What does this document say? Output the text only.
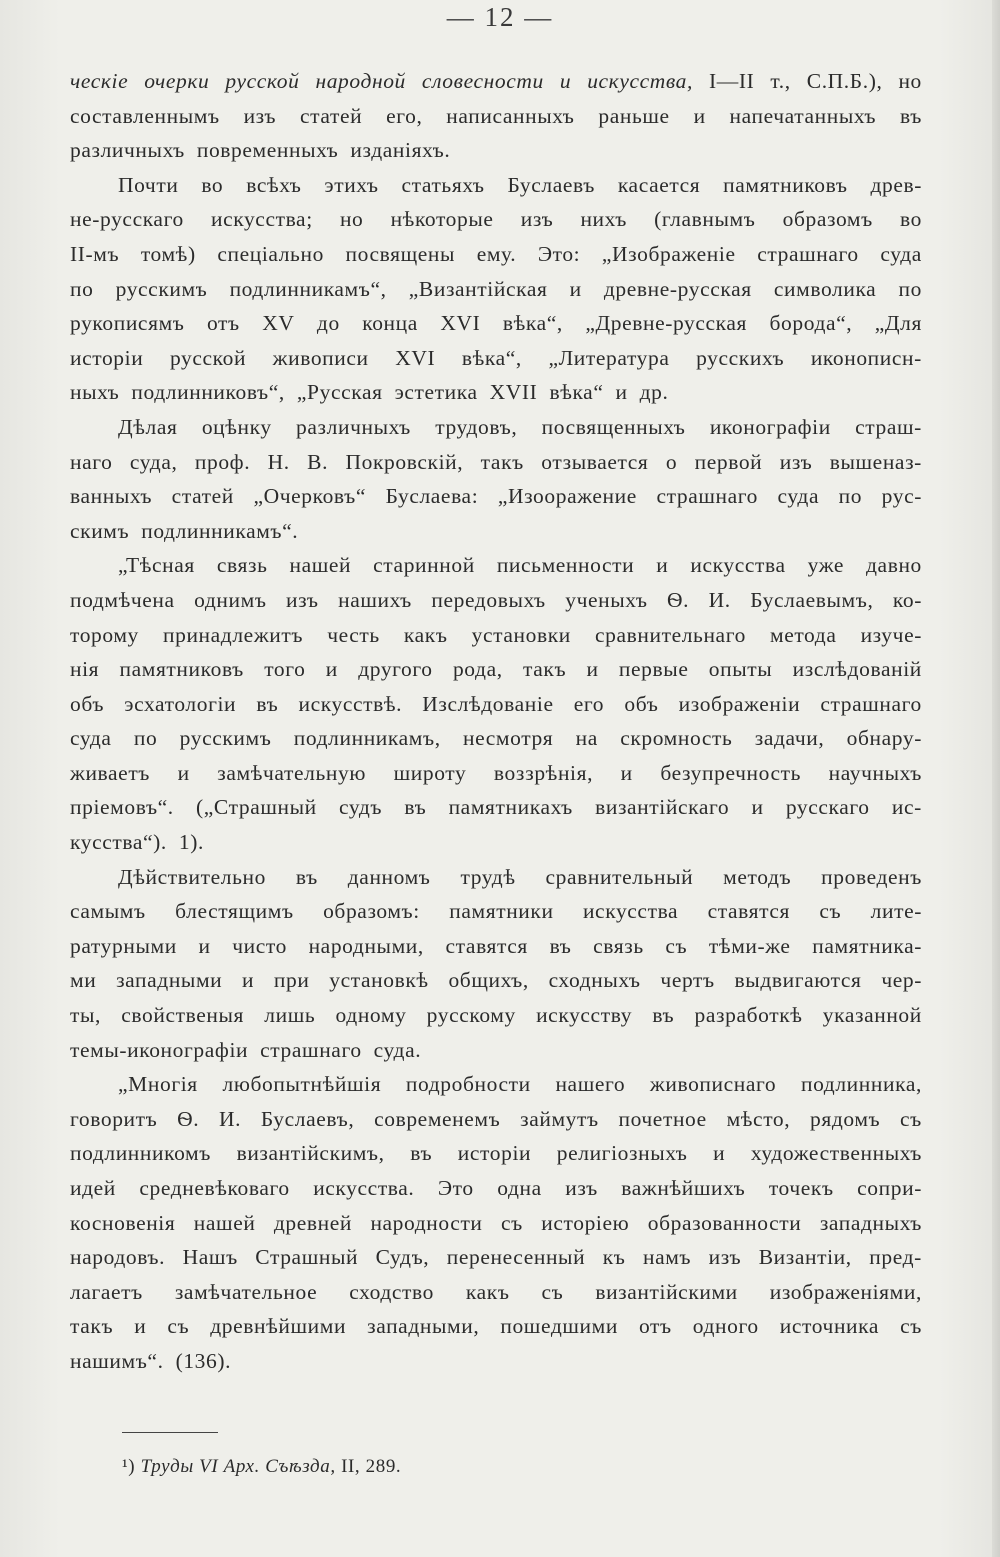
— 12 —
ческіе очерки русской народной словесности и искусства, I—II т., С.П.Б.), но
составленнымъ изъ статей его, написанныхъ раньше и напечатанныхъ въ
различныхъ повременныхъ изданіяхъ.
Почти во всѣхъ этихъ статьяхъ Буслаевъ касается памятниковъ древ-
не-русскаго искусства; но нѣкоторые изъ нихъ (главнымъ образомъ во
II-мъ томѣ) спеціально посвящены ему. Это: „Изображеніе страшнаго суда
по русскимъ подлинникамъ“, „Византійская и древне-русская символика по
рукописямъ отъ XV до конца XVI вѣка“, „Древне-русская борода“, „Для
исторіи русской живописи XVI вѣка“, „Литература русскихъ иконописн-
ныхъ подлинниковъ“, „Русская эстетика XVII вѣка“ и др.
Дѣлая оцѣнку различныхъ трудовъ, посвященныхъ иконографіи страш-
наго суда, проф. Н. В. Покровскій, такъ отзывается о первой изъ вышеназ-
ванныхъ статей „Очерковъ“ Буслаева: „Изооражение страшнаго суда по рус-
скимъ подлинникамъ“.
„Тѣсная связь нашей старинной письменности и искусства уже давно
подмѣчена однимъ изъ нашихъ передовыхъ ученыхъ Ѳ. И. Буслаевымъ, ко-
торому принадлежитъ честь какъ установки сравнительнаго метода изуче-
нія памятниковъ того и другого рода, такъ и первые опыты изслѣдованій
объ эсхатологіи въ искусствѣ. Изслѣдованіе его объ изображеніи страшнаго
суда по русскимъ подлинникамъ, несмотря на скромность задачи, обнару-
живаетъ и замѣчательную широту воззрѣнія, и безупречность научныхъ
пріемовъ“. („Страшный судъ въ памятникахъ византійскаго и русскаго ис-
кусства“). 1).
Дѣйствительно въ данномъ трудѣ сравнительный методъ проведенъ
самымъ блестящимъ образомъ: памятники искусства ставятся съ лите-
ратурными и чисто народными, ставятся въ связь съ тѣми-же памятника-
ми западными и при установкѣ общихъ, сходныхъ чертъ выдвигаются чер-
ты, свойственыя лишь одному русскому искусству въ разработкѣ указанной
темы-иконографіи страшнаго суда.
„Многія любопытнѣйшія подробности нашего живописнаго подлинника,
говоритъ Ѳ. И. Буслаевъ, современемъ займутъ почетное мѣсто, рядомъ съ
подлинникомъ византійскимъ, въ исторіи религіозныхъ и художественныхъ
идей средневѣковаго искусства. Это одна изъ важнѣйшихъ точекъ сопри-
косновенія нашей древней народности съ исторіею образованности западныхъ
народовъ. Нашъ Страшный Судъ, перенесенный къ намъ изъ Византіи, пред-
лагаетъ замѣчательное сходство какъ съ византійскими изображеніями,
такъ и съ древнѣйшими западными, пошедшими отъ одного источника съ
нашимъ“. (136).
¹) Труды VI Арх. Съѣзда, II, 289.
